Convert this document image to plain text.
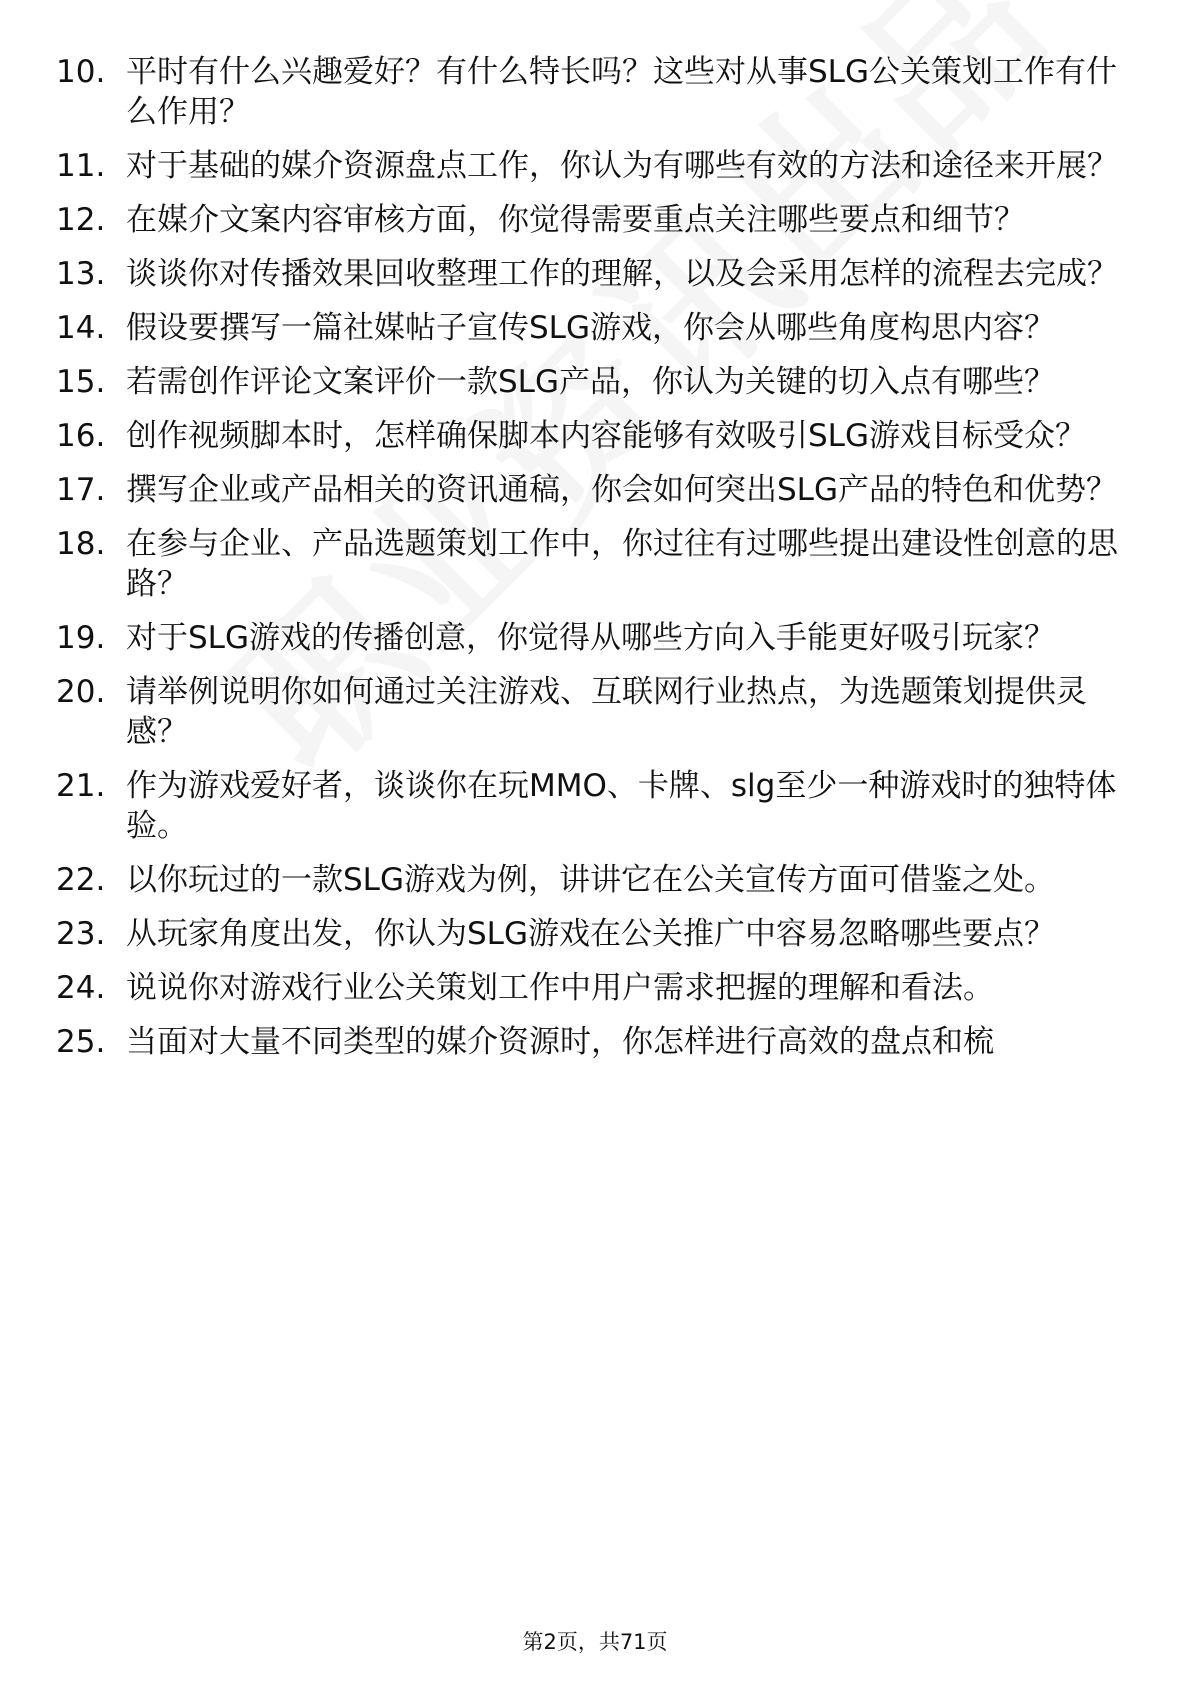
10. 平时有什么兴趣爱好？有什么特长吗？这些对从事SLG公关策划工作有什么作用？
11. 对于基础的媒介资源盘点工作，你认为有哪些有效的方法和途径来开展？
12. 在媒介文案内容审核方面，你觉得需要重点关注哪些要点和细节？
13. 谈谈你对传播效果回收整理工作的理解，以及会采用怎样的流程去完成？
14. 假设要撰写一篇社媒帖子宣传SLG游戏，你会从哪些角度构思内容？
15. 若需创作评论文案评价一款SLG产品，你认为关键的切入点有哪些？
16. 创作视频脚本时，怎样确保脚本内容能够有效吸引SLG游戏目标受众？
17. 撰写企业或产品相关的资讯通稿，你会如何突出SLG产品的特色和优势？
18. 在参与企业、产品选题策划工作中，你过往有过哪些提出建设性创意的思路？
19. 对于SLG游戏的传播创意，你觉得从哪些方向入手能更好吸引玩家？
20. 请举例说明你如何通过关注游戏、互联网行业热点，为选题策划提供灵感？
21. 作为游戏爱好者，谈谈你在玩MMO、卡牌、slg至少一种游戏时的独特体验。
22. 以你玩过的一款SLG游戏为例，讲讲它在公关宣传方面可借鉴之处。
23. 从玩家角度出发，你认为SLG游戏在公关推广中容易忽略哪些要点？
24. 说说你对游戏行业公关策划工作中用户需求把握的理解和看法。
25. 当面对大量不同类型的媒介资源时，你怎样进行高效的盘点和梳
第2页，共71页
